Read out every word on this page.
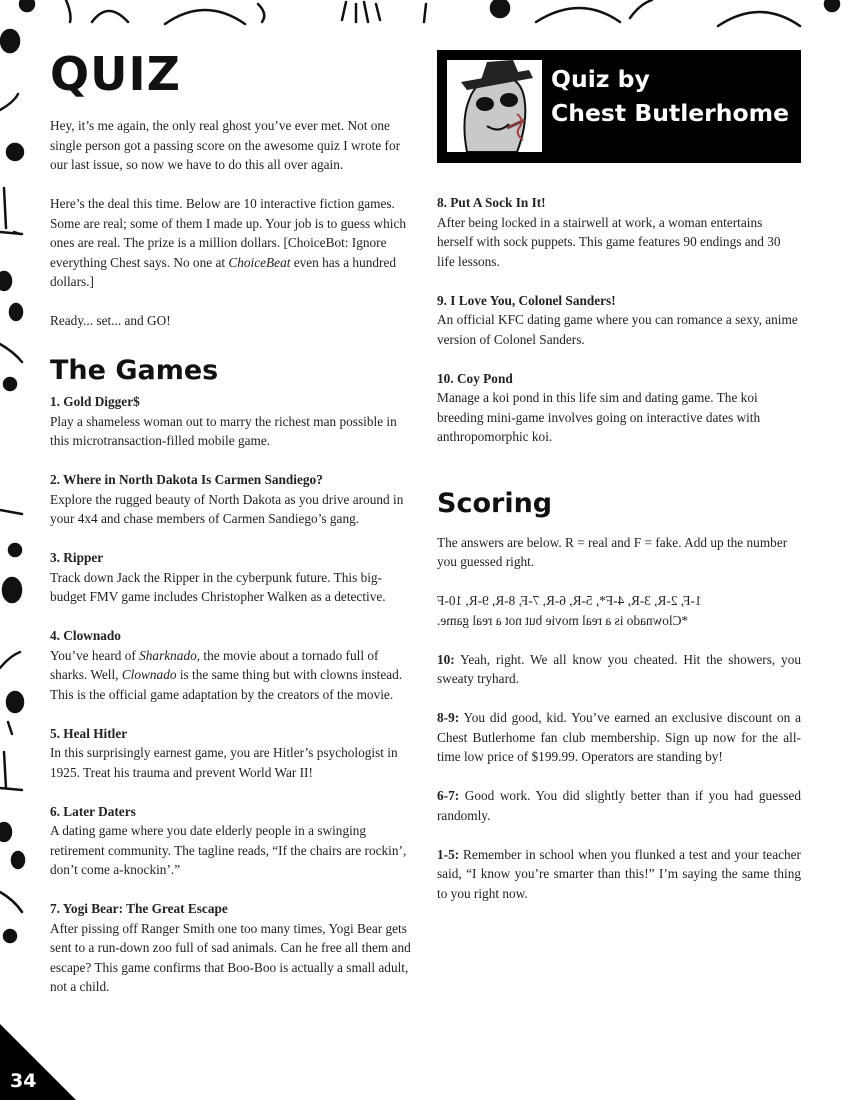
34
Quiz by
Chest Butlerhome
QUIZ

Hey, it’s me again, the only real ghost you’ve ever met. Not one single person got a passing score on the awesome quiz I wrote for our last issue, so now we have to do this all over again.

Here’s the deal this time. Below are 10 interactive fiction games. Some are real; some of them I made up. Your job is to guess which ones are real. The prize is a million dollars. [ChoiceBot: Ignore everything Chest says. No one at ChoiceBeat even has a hundred dollars.]

Ready... set... and GO!

The Games

1. Gold Digger$

Play a shameless woman out to marry the richest man possible in this microtransaction-filled mobile game.

2. Where in North Dakota Is Carmen Sandiego?

Explore the rugged beauty of North Dakota as you drive around in your 4x4 and chase members of Carmen Sandiego’s gang.

3. Ripper

Track down Jack the Ripper in the cyberpunk future. This big-budget FMV game includes Christopher Walken as a detective.

4. Clownado

You’ve heard of Sharknado, the movie about a tornado full of sharks. Well, Clownado is the same thing but with clowns instead. This is the official game adaptation by the creators of the movie.

5. Heal Hitler

In this surprisingly earnest game, you are Hitler’s psychologist in 1925. Treat his trauma and prevent World War II!

6. Later Daters

A dating game where you date elderly people in a swinging retirement community. The tagline reads, “If the chairs are rockin’, don’t come a-knockin’.”

7. Yogi Bear: The Great Escape

After pissing off Ranger Smith one too many times, Yogi Bear gets sent to a run-down zoo full of sad animals. Can he free all them and escape? This game confirms that Boo-Boo is actually a small adult, not a child.

8. Put A Sock In It!

After being locked in a stairwell at work, a woman entertains herself with sock puppets. This game features 90 endings and 30 life lessons.

9. I Love You, Colonel Sanders!

An official KFC dating game where you can romance a sexy, anime version of Colonel Sanders.

10. Coy Pond

Manage a koi pond in this life sim and dating game. The koi breeding mini-game involves going on interactive dates with anthropomorphic koi.

Scoring

The answers are below. R = real and F = fake. Add up the number you guessed right.

1-F, 2-R, 3-R, 4-F*, 5-R, 6-R, 7-F, 8-R, 9-R, 10-F
*Clownado is a real movie but not a real game.

10: Yeah, right. We all know you cheated. Hit the showers, you sweaty tryhard.

8-9: You did good, kid. You’ve earned an exclusive discount on a Chest Butlerhome fan club membership. Sign up now for the all-time low price of $199.99. Operators are standing by!

6-7: Good work. You did slightly better than if you had guessed randomly.

1-5: Remember in school when you flunked a test and your teacher said, “I know you’re smarter than this!” I’m saying the same thing to you right now.
